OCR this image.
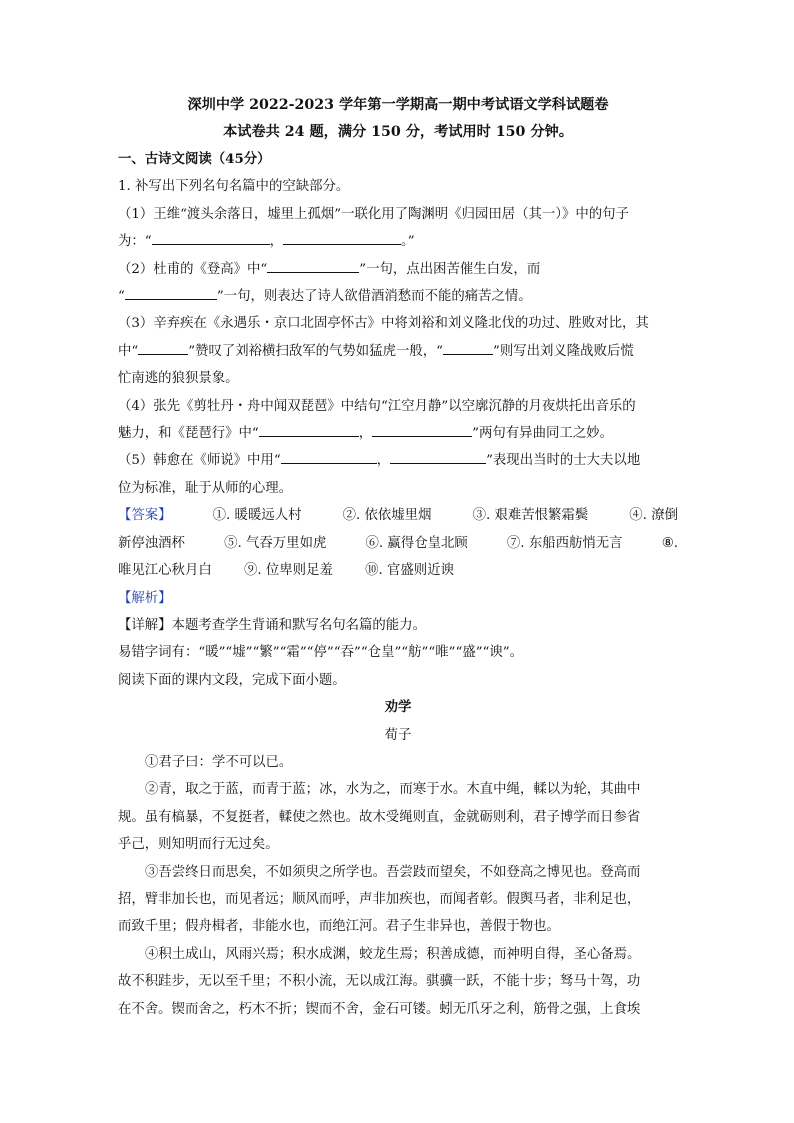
深圳中学 2022-2023 学年第一学期高一期中考试语文学科试题卷
本试卷共 24 题，满分 150 分，考试用时 150 分钟。
一、古诗文阅读（45分）
1. 补写出下列名句名篇中的空缺部分。
（1）王维“渡头余落日，墟里上孤烟”一联化用了陶渊明《归园田居（其一）》中的句子
为：“	，	。”
（2）杜甫的《登高》中“	”一句，点出困苦催生白发，而
“	”一句，则表达了诗人欲借酒消愁而不能的痛苦之情。
（3）辛弃疾在《永遇乐・京口北固亭怀古》中将刘裕和刘义隆北伐的功过、胜败对比，其
中“	”赞叹了刘裕横扫敌军的气势如猛虎一般，“	”则写出刘义隆战败后慌
忙南逃的狼狈景象。
（4）张先《剪牡丹・舟中闻双琵琶》中结句“江空月静”以空廓沉静的月夜烘托出音乐的
魅力，和《琵琶行》中“	，	”两句有异曲同工之妙。
（5）韩愈在《师说》中用“	，	”表现出当时的士大夫以地
位为标准，耻于从师的心理。
【答案】	①. 暖暖远人村	②. 依依墟里烟	③. 艰难苦恨繁霜鬓	④. 潦倒
新停浊酒杯	⑤. 气吞万里如虎	⑥. 赢得仓皇北顾	⑦. 东船西舫悄无言	⑧.
唯见江心秋月白 ⑨. 位卑则足羞 ⑩. 官盛则近谀
【解析】
【详解】本题考查学生背诵和默写名句名篇的能力。
易错字词有：“暖”“墟”“繁”“霜”“停”“吞”“仓皇”“舫”“唯”“盛”“谀”。
阅读下面的课内文段，完成下面小题。
劝学
荀子
①君子曰：学不可以已。
②青，取之于蓝，而青于蓝；冰，水为之，而寒于水。木直中绳，輮以为轮，其曲中
规。虽有槁暴，不复挺者，輮使之然也。故木受绳则直，金就砺则利，君子博学而日参省
乎己，则知明而行无过矣。
③吾尝终日而思矣，不如须臾之所学也。吾尝跂而望矣，不如登高之博见也。登高而
招，臂非加长也，而见者远；顺风而呼，声非加疾也，而闻者彰。假舆马者，非利足也，
而致千里；假舟楫者，非能水也，而绝江河。君子生非异也，善假于物也。
④积土成山，风雨兴焉；积水成渊，蛟龙生焉；积善成德，而神明自得，圣心备焉。
故不积跬步，无以至千里；不积小流，无以成江海。骐骥一跃，不能十步；驽马十驾，功
在不舍。锲而舍之，朽木不折；锲而不舍，金石可镂。蚓无爪牙之利，筋骨之强，上食埃
